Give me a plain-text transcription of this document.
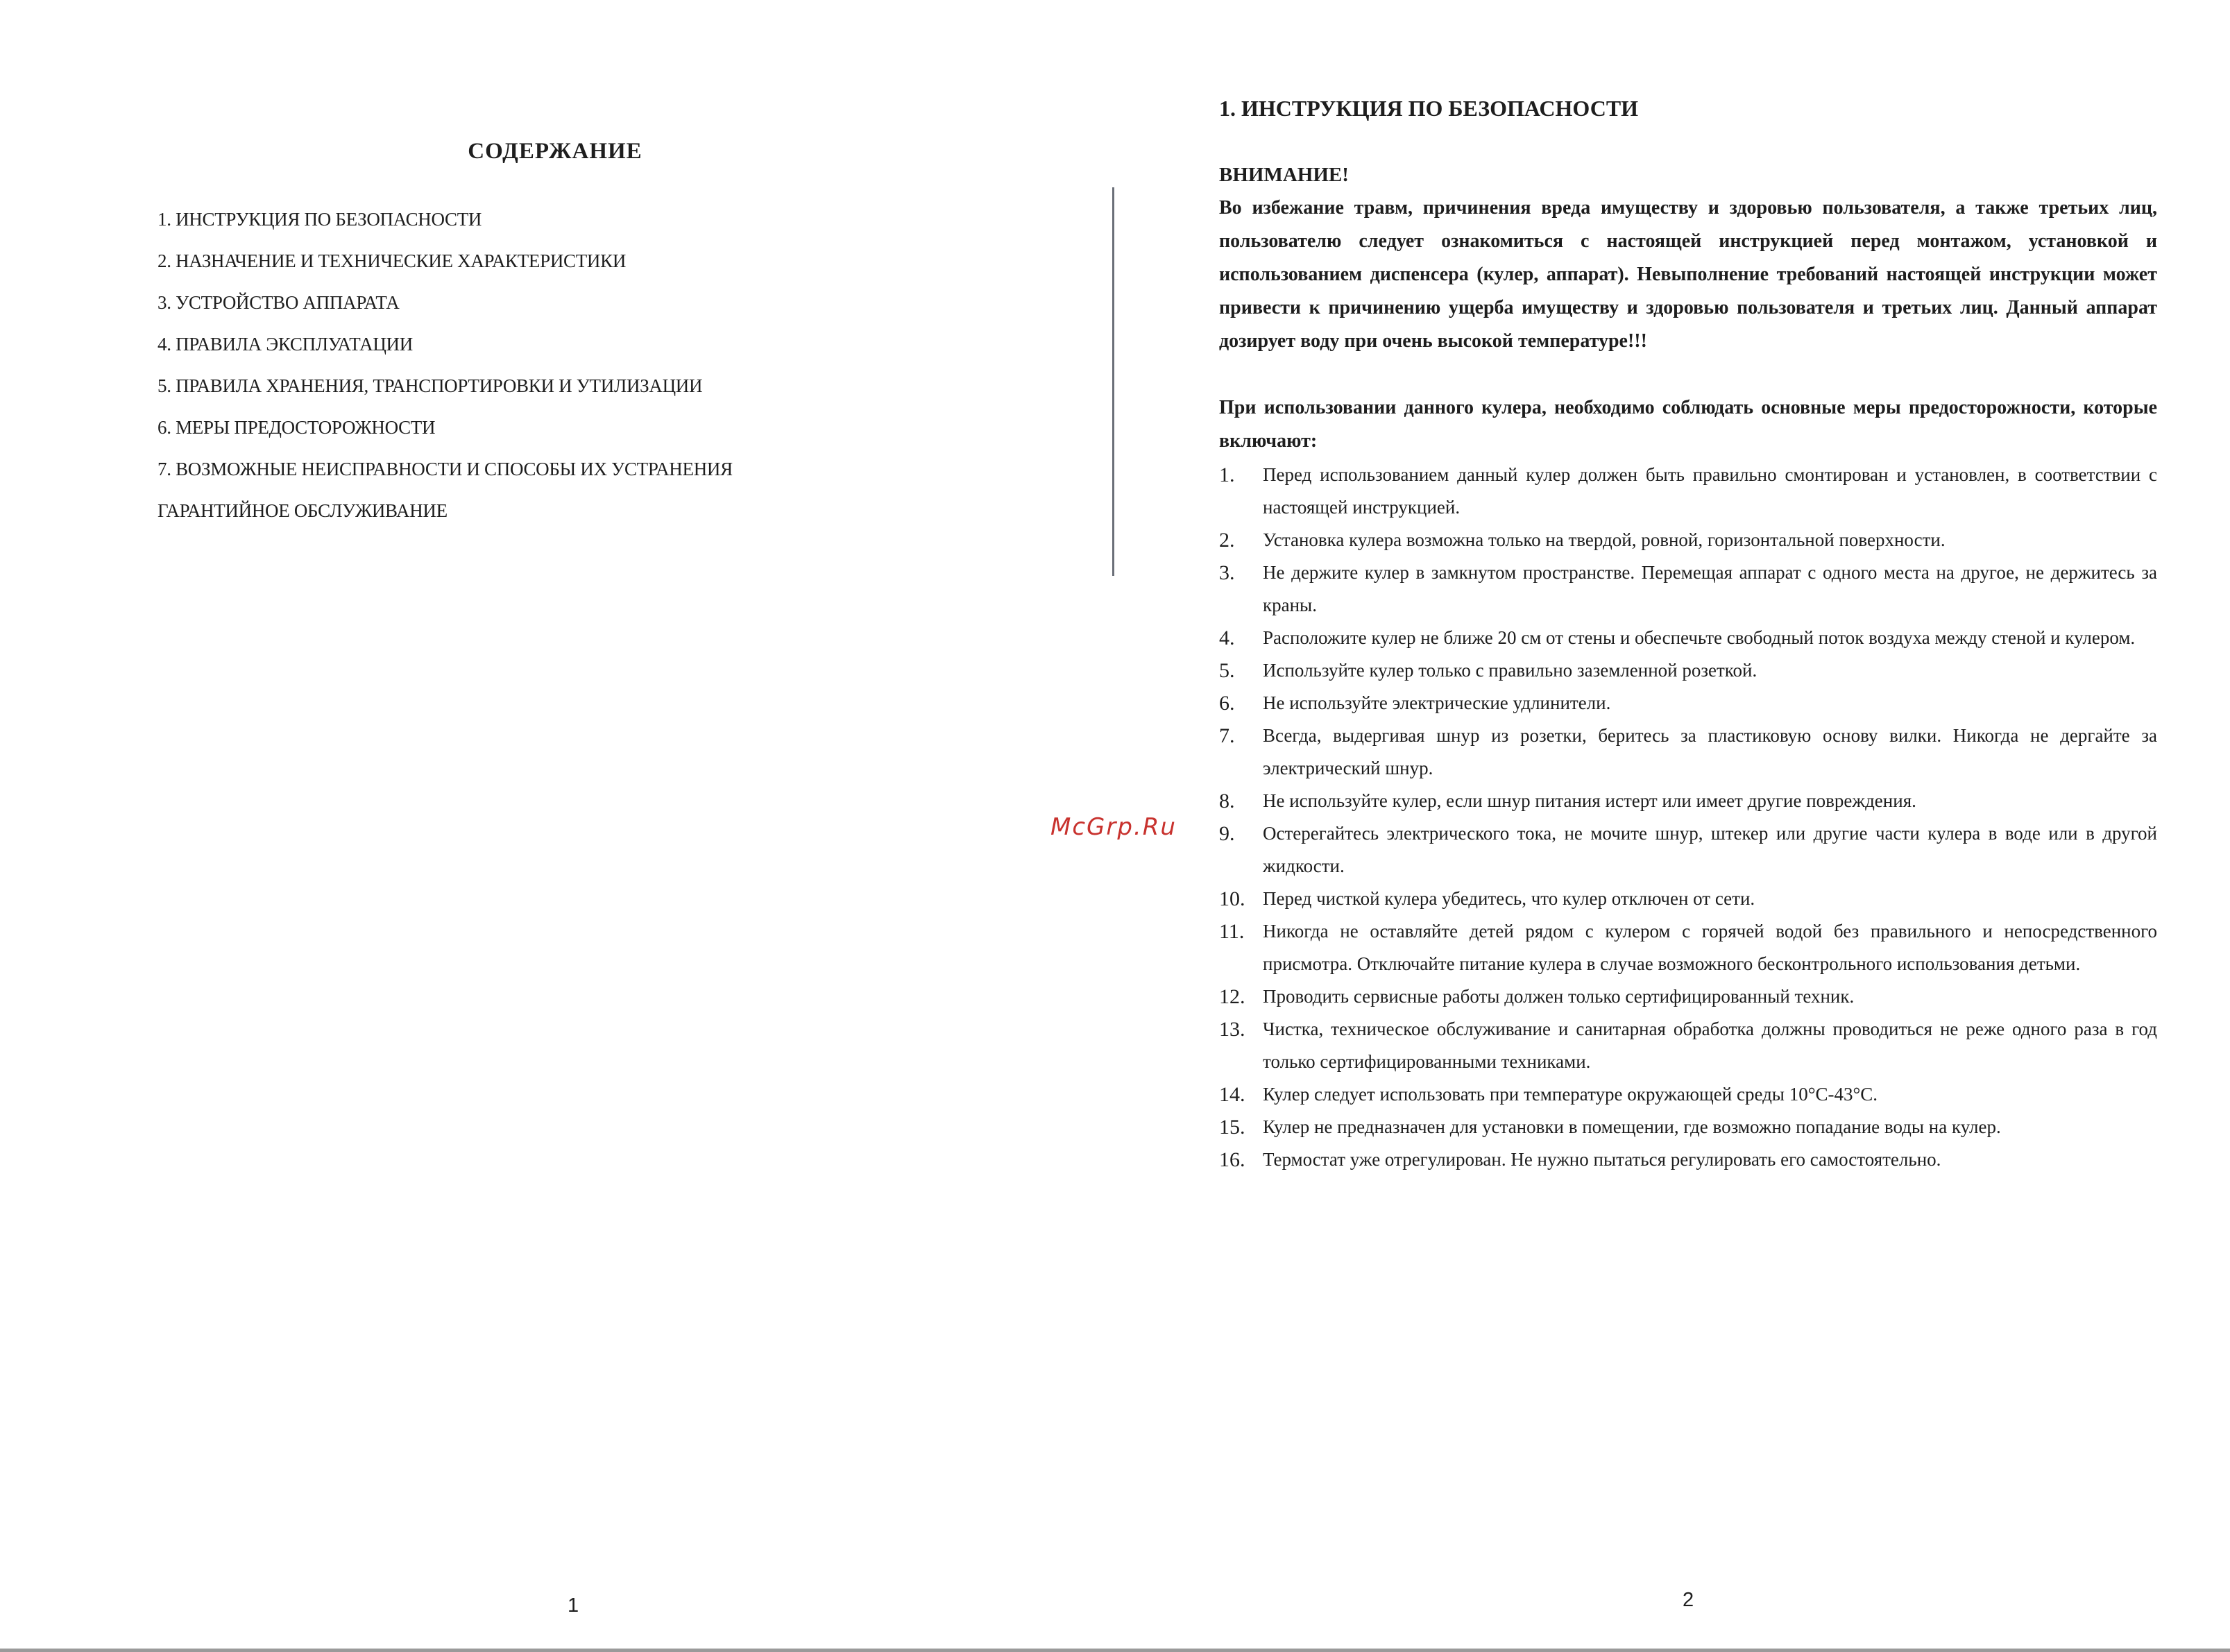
СОДЕРЖАНИЕ
1. ИНСТРУКЦИЯ ПО БЕЗОПАСНОСТИ
2. НАЗНАЧЕНИЕ И ТЕХНИЧЕСКИЕ ХАРАКТЕРИСТИКИ
3. УСТРОЙСТВО АППАРАТА
4. ПРАВИЛА ЭКСПЛУАТАЦИИ
5. ПРАВИЛА ХРАНЕНИЯ, ТРАНСПОРТИРОВКИ И УТИЛИЗАЦИИ
6. МЕРЫ ПРЕДОСТОРОЖНОСТИ
7. ВОЗМОЖНЫЕ НЕИСПРАВНОСТИ И СПОСОБЫ ИХ УСТРАНЕНИЯ
ГАРАНТИЙНОЕ ОБСЛУЖИВАНИЕ
1
McGrp.Ru
1. ИНСТРУКЦИЯ ПО БЕЗОПАСНОСТИ
ВНИМАНИЕ!

Во избежание травм, причинения вреда имуществу и здоровью пользователя, а также третьих лиц, пользователю следует ознакомиться с настоящей инструкцией перед монтажом, установкой и использованием диспенсера (кулер, аппарат). Невыполнение требований настоящей инструкции может привести к причинению ущерба имуществу и здоровью пользователя и третьих лиц. Данный аппарат дозирует воду при очень высокой температуре!!!

При использовании данного кулера, необходимо соблюдать основные меры предосторожности, которые включают:

1. Перед использованием данный кулер должен быть правильно смонтирован и установлен, в соответствии с настоящей инструкцией.
2. Установка кулера возможна только на твердой, ровной, горизонтальной поверхности.
3. Не держите кулер в замкнутом пространстве. Перемещая аппарат с одного места на другое, не держитесь за краны.
4. Расположите кулер не ближе 20 см от стены и обеспечьте свободный поток воздуха между стеной и кулером.
5. Используйте кулер только с правильно заземленной розеткой.
6. Не используйте электрические удлинители.
7. Всегда, выдергивая шнур из розетки, беритесь за пластиковую основу вилки. Никогда не дергайте за электрический шнур.
8. Не используйте кулер, если шнур питания истерт или имеет другие повреждения.
9. Остерегайтесь электрического тока, не мочите шнур, штекер или другие части кулера в воде или в другой жидкости.
10. Перед чисткой кулера убедитесь, что кулер отключен от сети.
11. Никогда не оставляйте детей рядом с кулером с горячей водой без правильного и непосредственного присмотра. Отключайте питание кулера в случае возможного бесконтрольного использования детьми.
12. Проводить сервисные работы должен только сертифицированный техник.
13. Чистка, техническое обслуживание и санитарная обработка должны проводиться не реже одного раза в год только сертифицированными техниками.
14. Кулер следует использовать при температуре окружающей среды 10°С-43°С.
15. Кулер не предназначен для установки в помещении, где возможно попадание воды на кулер.
16. Термостат уже отрегулирован. Не нужно пытаться регулировать его самостоятельно.
2
